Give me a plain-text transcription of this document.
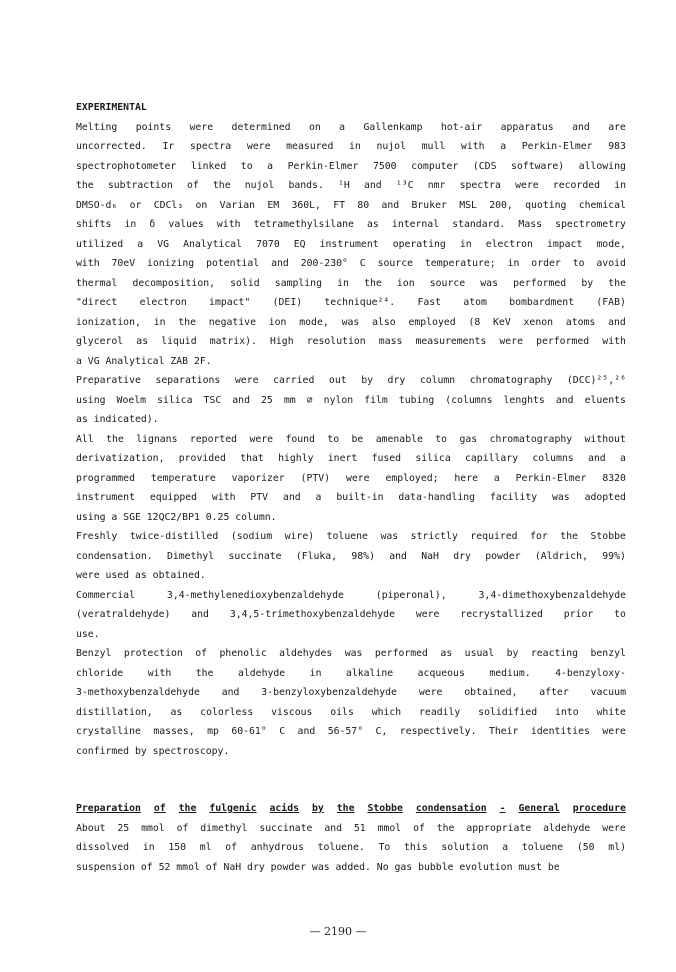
EXPERIMENTAL
Melting points were determined on a Gallenkamp hot-air apparatus and are
uncorrected. Ir spectra were measured in nujol mull with a Perkin-Elmer 983
spectrophotometer linked to a Perkin-Elmer 7500 computer (CDS software) allowing
the subtraction of the nujol bands. ¹H and ¹³C nmr spectra were recorded in
DMSO-d₆ or CDCl₃ on Varian EM 360L, FT 80 and Bruker MSL 200, quoting chemical
shifts in δ values with tetramethylsilane as internal standard. Mass spectrometry
utilized a VG Analytical 7070 EQ instrument operating in electron impact mode,
with 70eV ionizing potential and 200-230° C source temperature; in order to avoid
thermal decomposition, solid sampling in the ion source was performed by the
"direct electron impact" (DEI) technique²⁴. Fast atom bombardment (FAB)
ionization, in the negative ion mode, was also employed (8 KeV xenon atoms and
glycerol as liquid matrix). High resolution mass measurements were performed with
a VG Analytical ZAB 2F.
Preparative separations were carried out by dry column chromatography (DCC)²⁵,²⁶
using Woelm silica TSC and 25 mm ∅ nylon film tubing (columns lenghts and eluents
as indicated).
All the lignans reported were found to be amenable to gas chromatography without
derivatization, provided that highly inert fused silica capillary columns and a
programmed temperature vaporizer (PTV) were employed; here a Perkin-Elmer 8320
instrument equipped with PTV and a built-in data-handling facility was adopted
using a SGE 12QC2/BP1 0.25 column.
Freshly twice-distilled (sodium wire) toluene was strictly required for the Stobbe
condensation. Dimethyl succinate (Fluka, 98%) and NaH dry powder (Aldrich, 99%)
were used as obtained.
Commercial	3,4-methylenedioxybenzaldehyde	(piperonal),	3,4-dimethoxybenzaldehyde
(veratraldehyde) and 3,4,5-trimethoxybenzaldehyde were recrystallized prior to
use.
Benzyl protection of phenolic aldehydes was performed as usual by reacting benzyl
chloride	with	the	aldehyde	in	alkaline	acqueous	medium.	4-benzyloxy-
3-methoxybenzaldehyde and 3-benzyloxybenzaldehyde were obtained, after vacuum
distillation, as colorless viscous oils which readily solidified into white
crystalline masses, mp 60-61° C and 56-57° C, respectively. Their identities were
confirmed by spectroscopy.
Preparation of the fulgenic acids by the Stobbe condensation - General procedure
About 25 mmol of dimethyl succinate and 51 mmol of the appropriate aldehyde were
dissolved in 150 ml of anhydrous toluene. To this solution a toluene (50 ml)
suspension of 52 mmol of NaH dry powder was added. No gas bubble evolution must be
— 2190 —
